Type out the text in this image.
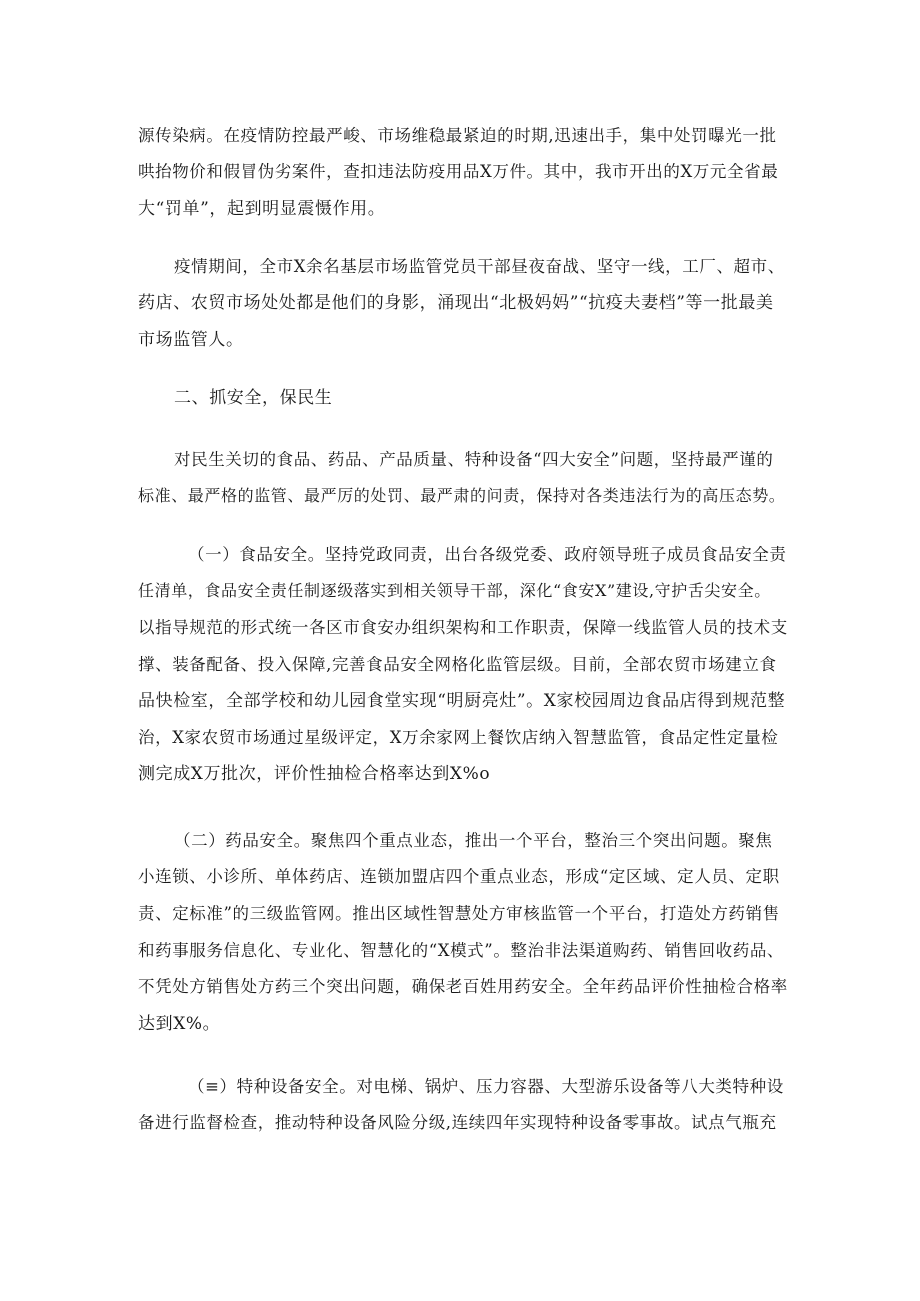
源传染病。在疫情防控最严峻、市场维稳最紧迫的时期,迅速出手，集中处罚曝光一批
哄抬物价和假冒伪劣案件，查扣违法防疫用品X万件。其中，我市开出的X万元全省最
大“罚单”，起到明显震慑作用。
疫情期间，全市X余名基层市场监管党员干部昼夜奋战、坚守一线，工厂、超市、
药店、农贸市场处处都是他们的身影，涌现出“北极妈妈”“抗疫夫妻档”等一批最美
市场监管人。
二、抓安全，保民生
对民生关切的食品、药品、产品质量、特种设备“四大安全”问题，坚持最严谨的
标准、最严格的监管、最严厉的处罚、最严肃的问责，保持对各类违法行为的高压态势。
（一）食品安全。坚持党政同责，出台各级党委、政府领导班子成员食品安全责
任清单，食品安全责任制逐级落实到相关领导干部，深化“食安X”建设,守护舌尖安全。
以指导规范的形式统一各区市食安办组织架构和工作职责，保障一线监管人员的技术支
撑、装备配备、投入保障,完善食品安全网格化监管层级。目前，全部农贸市场建立食
品快检室，全部学校和幼儿园食堂实现“明厨亮灶”。X家校园周边食品店得到规范整
治，X家农贸市场通过星级评定，X万余家网上餐饮店纳入智慧监管，食品定性定量检
测完成X万批次，评价性抽检合格率达到X%o
（二）药品安全。聚焦四个重点业态，推出一个平台，整治三个突出问题。聚焦
小连锁、小诊所、单体药店、连锁加盟店四个重点业态，形成“定区域、定人员、定职
责、定标准”的三级监管网。推出区域性智慧处方审核监管一个平台，打造处方药销售
和药事服务信息化、专业化、智慧化的“X模式”。整治非法渠道购药、销售回收药品、
不凭处方销售处方药三个突出问题，确保老百姓用药安全。全年药品评价性抽检合格率
达到X%。
（≡）特种设备安全。对电梯、锅炉、压力容器、大型游乐设备等八大类特种设
备进行监督检查，推动特种设备风险分级,连续四年实现特种设备零事故。试点气瓶充
